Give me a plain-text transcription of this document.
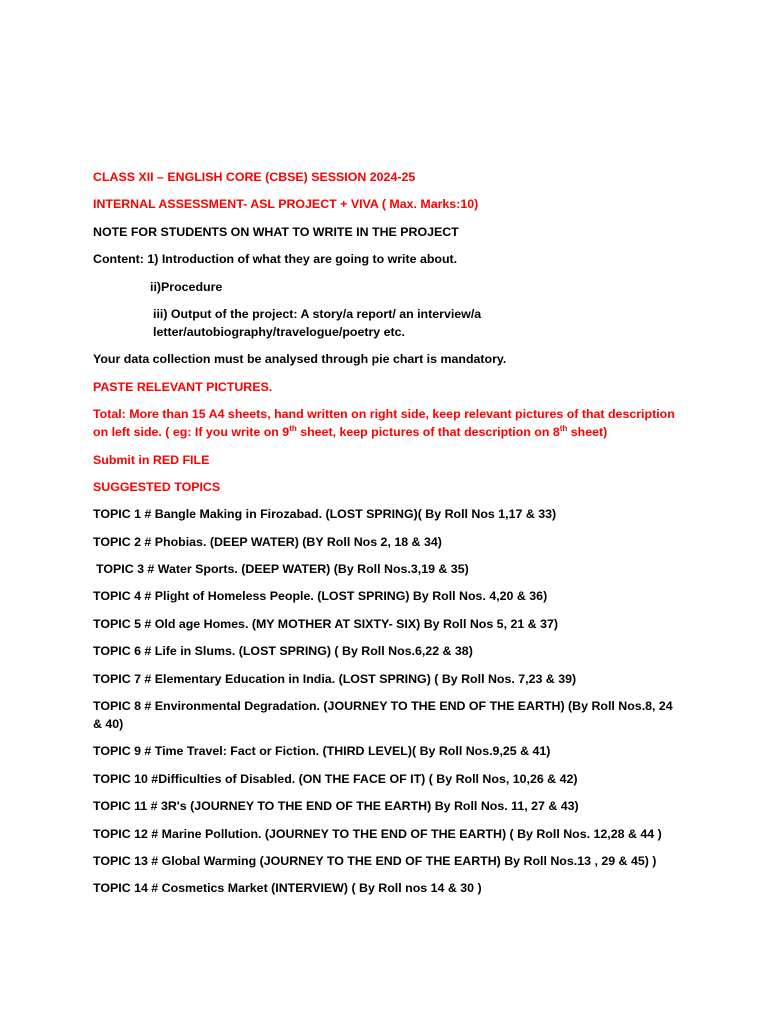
CLASS XII – ENGLISH CORE (CBSE) SESSION 2024-25
INTERNAL ASSESSMENT- ASL PROJECT + VIVA ( Max. Marks:10)
NOTE FOR STUDENTS ON WHAT TO WRITE IN THE PROJECT
Content: 1) Introduction of what they are going to write about.
ii)Procedure
iii) Output of the project: A story/a report/ an interview/a letter/autobiography/travelogue/poetry etc.
Your data collection must be analysed through pie chart is mandatory.
PASTE RELEVANT PICTURES.
Total: More than 15 A4 sheets, hand written on right side, keep relevant pictures of that description on left side. ( eg: If you write on 9th sheet, keep pictures of that description on 8th sheet)
Submit in RED FILE
SUGGESTED TOPICS
TOPIC 1 # Bangle Making in Firozabad. (LOST SPRING)( By Roll Nos 1,17 & 33)
TOPIC 2 # Phobias. (DEEP WATER) (BY Roll Nos 2, 18 & 34)
TOPIC 3 # Water Sports. (DEEP WATER) (By Roll Nos.3,19 & 35)
TOPIC 4 # Plight of Homeless People. (LOST SPRING) By Roll Nos. 4,20 & 36)
TOPIC 5 # Old age Homes. (MY MOTHER AT SIXTY- SIX) By Roll Nos 5, 21 & 37)
TOPIC 6 # Life in Slums. (LOST SPRING) ( By Roll Nos.6,22 & 38)
TOPIC 7 # Elementary Education in India. (LOST SPRING) ( By Roll Nos. 7,23 & 39)
TOPIC 8 # Environmental Degradation. (JOURNEY TO THE END OF THE EARTH) (By Roll Nos.8, 24 & 40)
TOPIC 9 # Time Travel: Fact or Fiction. (THIRD LEVEL)( By Roll Nos.9,25 & 41)
TOPIC 10 #Difficulties of Disabled. (ON THE FACE OF IT) ( By Roll Nos, 10,26 & 42)
TOPIC 11 # 3R's (JOURNEY TO THE END OF THE EARTH) By Roll Nos. 11, 27 & 43)
TOPIC 12 # Marine Pollution. (JOURNEY TO THE END OF THE EARTH) ( By Roll Nos. 12,28 & 44 )
TOPIC 13 # Global Warming (JOURNEY TO THE END OF THE EARTH) By Roll Nos.13 , 29 & 45) )
TOPIC 14 # Cosmetics Market (INTERVIEW) ( By Roll nos 14 & 30 )
